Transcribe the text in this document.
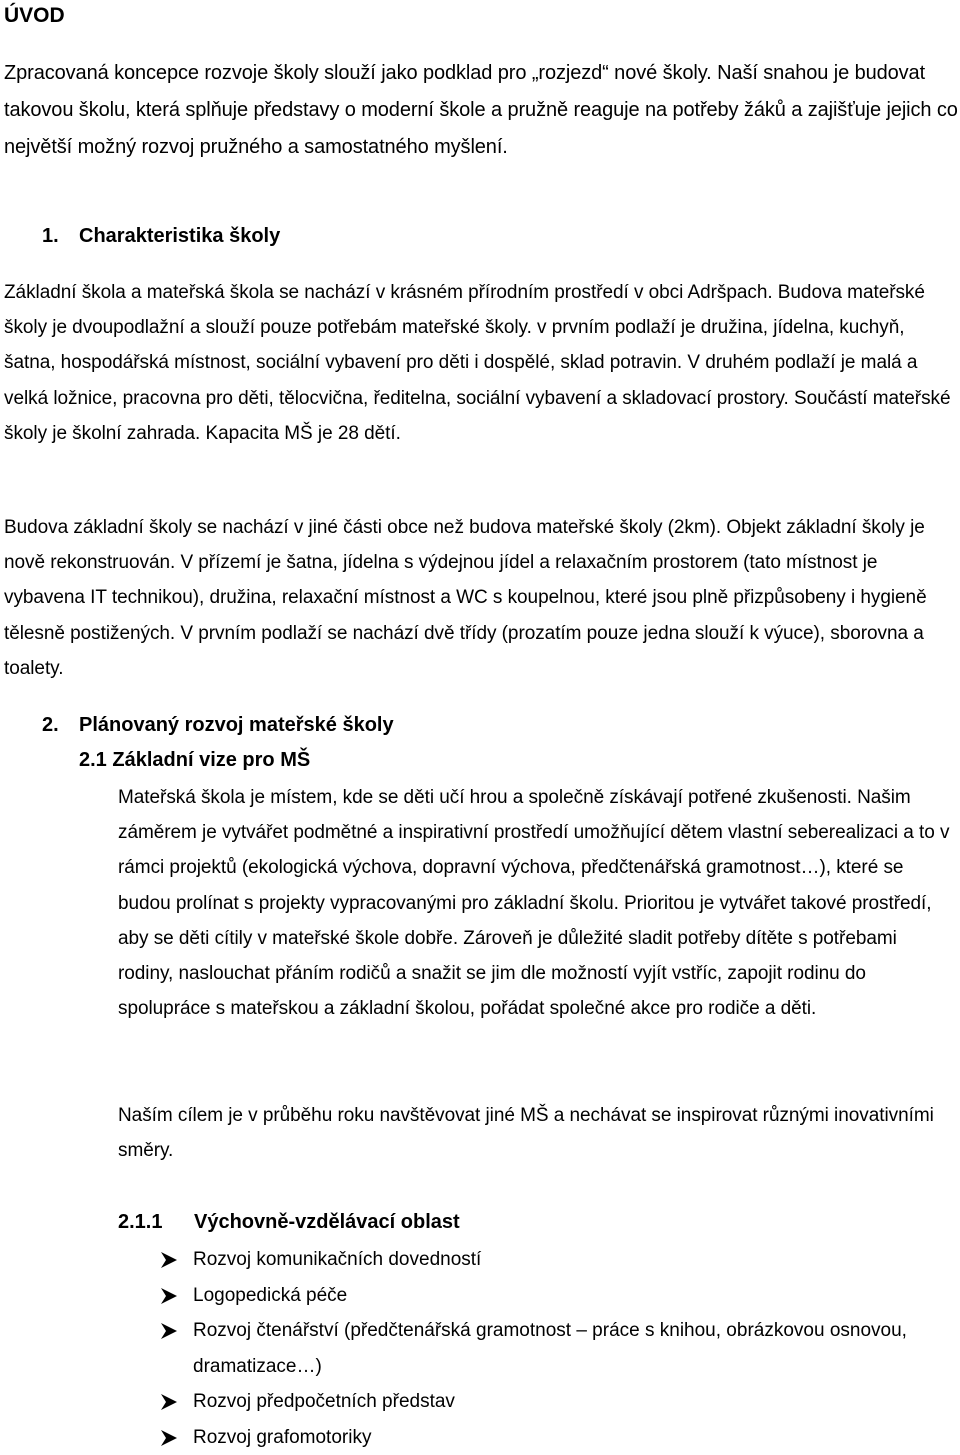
ÚVOD
Zpracovaná koncepce rozvoje školy slouží jako podklad pro „rozjezd“ nové školy. Naší snahou je budovat takovou školu, která splňuje představy o moderní škole a pružně reaguje na potřeby žáků a zajišťuje jejich co největší možný rozvoj pružného a samostatného myšlení.
1. Charakteristika školy
Základní škola a mateřská škola se nachází v krásném přírodním prostředí v obci Adršpach. Budova mateřské školy je dvoupodlažní a slouží pouze potřebám mateřské školy. v prvním podlaží je družina, jídelna, kuchyň, šatna, hospodářská místnost, sociální vybavení pro děti i dospělé, sklad potravin. V druhém podlaží je malá a velká ložnice, pracovna pro děti, tělocvična, ředitelna, sociální vybavení a skladovací prostory. Součástí mateřské školy je školní zahrada. Kapacita MŠ je 28 dětí.
Budova základní školy se nachází v jiné části obce než budova mateřské školy (2km). Objekt základní školy je nově rekonstruován. V přízemí je šatna, jídelna s výdejnou jídel a relaxačním prostorem (tato místnost je vybavena IT technikou), družina, relaxační místnost a WC s koupelnou, které jsou plně přizpůsobeny i hygieně tělesně postižených. V prvním podlaží se nachází dvě třídy (prozatím pouze jedna slouží k výuce), sborovna a toalety.
2. Plánovaný rozvoj mateřské školy
2.1 Základní vize pro MŠ
Mateřská škola je místem, kde se děti učí hrou a společně získávají potřené zkušenosti. Našim záměrem je vytvářet podmětné a inspirativní prostředí umožňující dětem vlastní seberealizaci a to v rámci projektů (ekologická výchova, dopravní výchova, předčtenářská gramotnost…), které se budou prolínat s projekty vypracovanými pro základní školu. Prioritou je vytvářet takové prostředí, aby se děti cítily v mateřské škole dobře. Zároveň je důležité sladit potřeby dítěte s potřebami rodiny, naslouchat přáním rodičů a snažit se jim dle možností vyjít vstříc, zapojit rodinu do spolupráce s mateřskou a základní školou, pořádat společné akce pro rodiče a děti.
Naším cílem je v průběhu roku navštěvovat jiné MŠ a nechávat se inspirovat různými inovativními směry.
2.1.1 Výchovně-vzdělávací oblast
Rozvoj komunikačních dovedností
Logopedická péče
Rozvoj čtenářství (předčtenářská gramotnost – práce s knihou, obrázkovou osnovou, dramatizace…)
Rozvoj předpočetních představ
Rozvoj grafomotoriky
